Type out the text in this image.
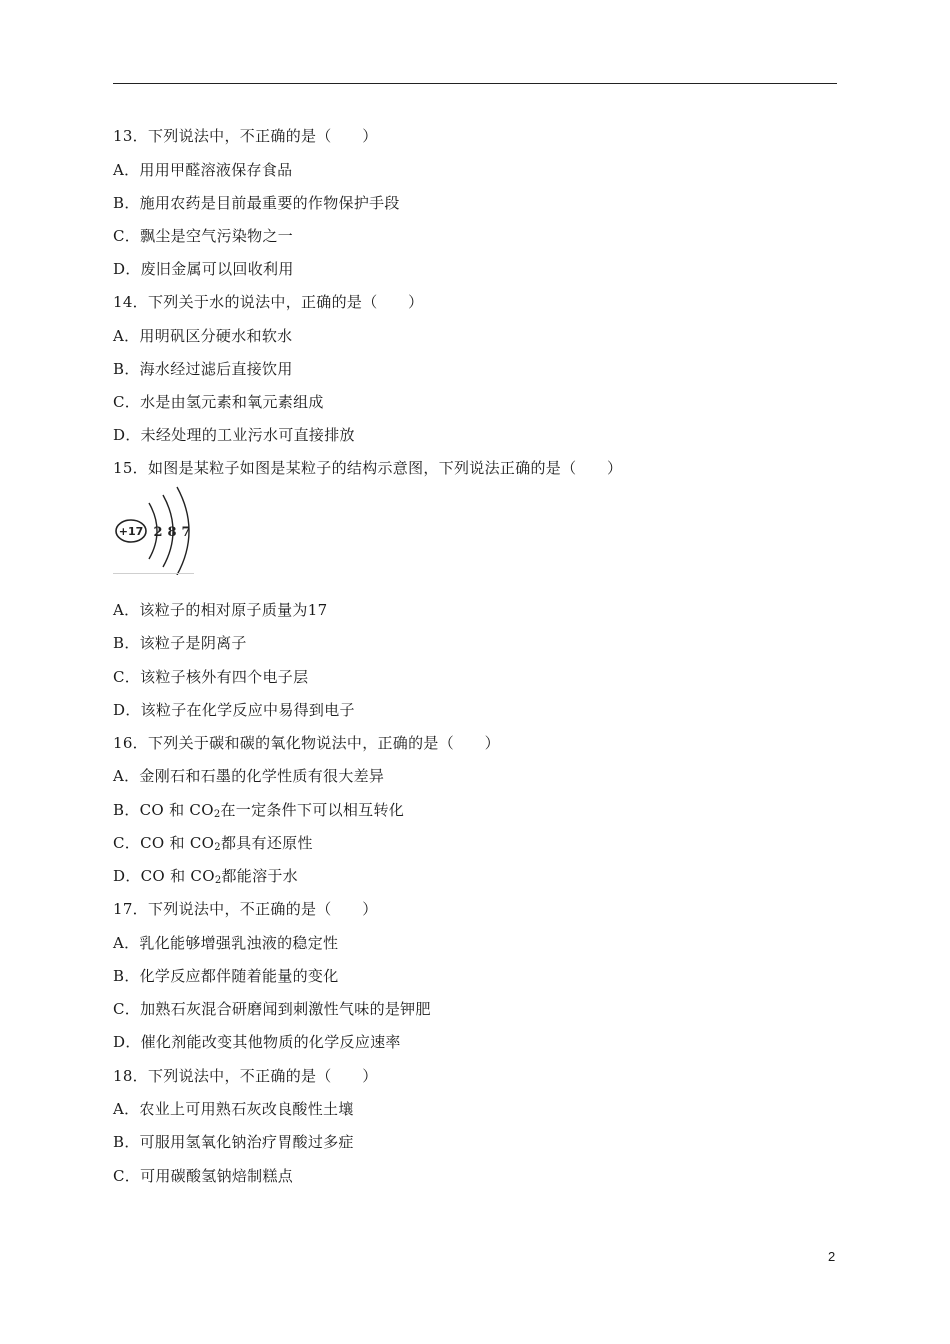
13．下列说法中，不正确的是（　　）
A．用用甲醛溶液保存食品
B．施用农药是目前最重要的作物保护手段
C．飘尘是空气污染物之一
D．废旧金属可以回收利用
14．下列关于水的说法中，正确的是（　　）
A．用明矾区分硬水和软水
B．海水经过滤后直接饮用
C．水是由氢元素和氧元素组成
D．未经处理的工业污水可直接排放
15．如图是某粒子如图是某粒子的结构示意图，下列说法正确的是（　　）
+17 2 8 7
A．该粒子的相对原子质量为17
B．该粒子是阴离子
C．该粒子核外有四个电子层
D．该粒子在化学反应中易得到电子
16．下列关于碳和碳的氧化物说法中，正确的是（　　）
A．金刚石和石墨的化学性质有很大差异
B．CO 和 $CO_2$在一定条件下可以相互转化
C．CO 和 $CO_2$都具有还原性
D．CO 和 $CO_2$都能溶于水
17．下列说法中，不正确的是（　　）
A．乳化能够增强乳浊液的稳定性
B．化学反应都伴随着能量的变化
C．加熟石灰混合研磨闻到刺激性气味的是钾肥
D．催化剂能改变其他物质的化学反应速率
18．下列说法中，不正确的是（　　）
A．农业上可用熟石灰改良酸性土壤
B．可服用氢氧化钠治疗胃酸过多症
C．可用碳酸氢钠焙制糕点
2
